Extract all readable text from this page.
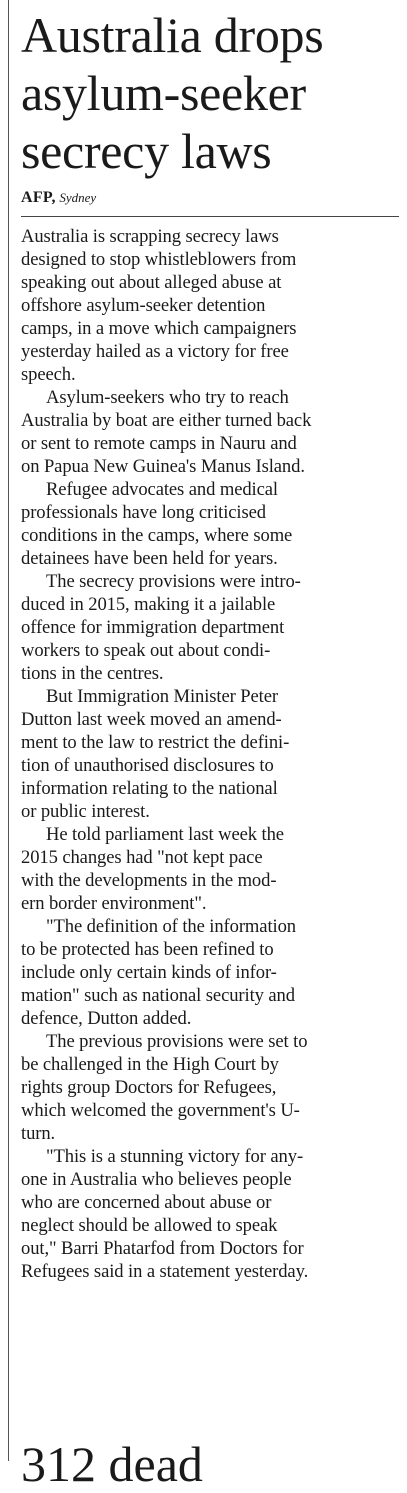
Australia drops
asylum-seeker
secrecy laws
AFP, Sydney

Australia is scrapping secrecy laws
designed to stop whistleblowers from
speaking out about alleged abuse at
offshore asylum-seeker detention
camps, in a move which campaigners
yesterday hailed as a victory for free
speech.

Asylum-seekers who try to reach
Australia by boat are either turned back
or sent to remote camps in Nauru and
on Papua New Guinea's Manus Island.

Refugee advocates and medical
professionals have long criticised
conditions in the camps, where some
detainees have been held for years.

The secrecy provisions were intro-
duced in 2015, making it a jailable
offence for immigration department
workers to speak out about condi-
tions in the centres.

But Immigration Minister Peter
Dutton last week moved an amend-
ment to the law to restrict the defini-
tion of unauthorised disclosures to
information relating to the national
or public interest.

He told parliament last week the
2015 changes had "not kept pace
with the developments in the mod-
ern border environment".

"The definition of the information
to be protected has been refined to
include only certain kinds of infor-
mation" such as national security and
defence, Dutton added.

The previous provisions were set to
be challenged in the High Court by
rights group Doctors for Refugees,
which welcomed the government's U-
turn.

"This is a stunning victory for any-
one in Australia who believes people
who are concerned about abuse or
neglect should be allowed to speak
out," Barri Phatarfod from Doctors for
Refugees said in a statement yesterday.

312 dead
